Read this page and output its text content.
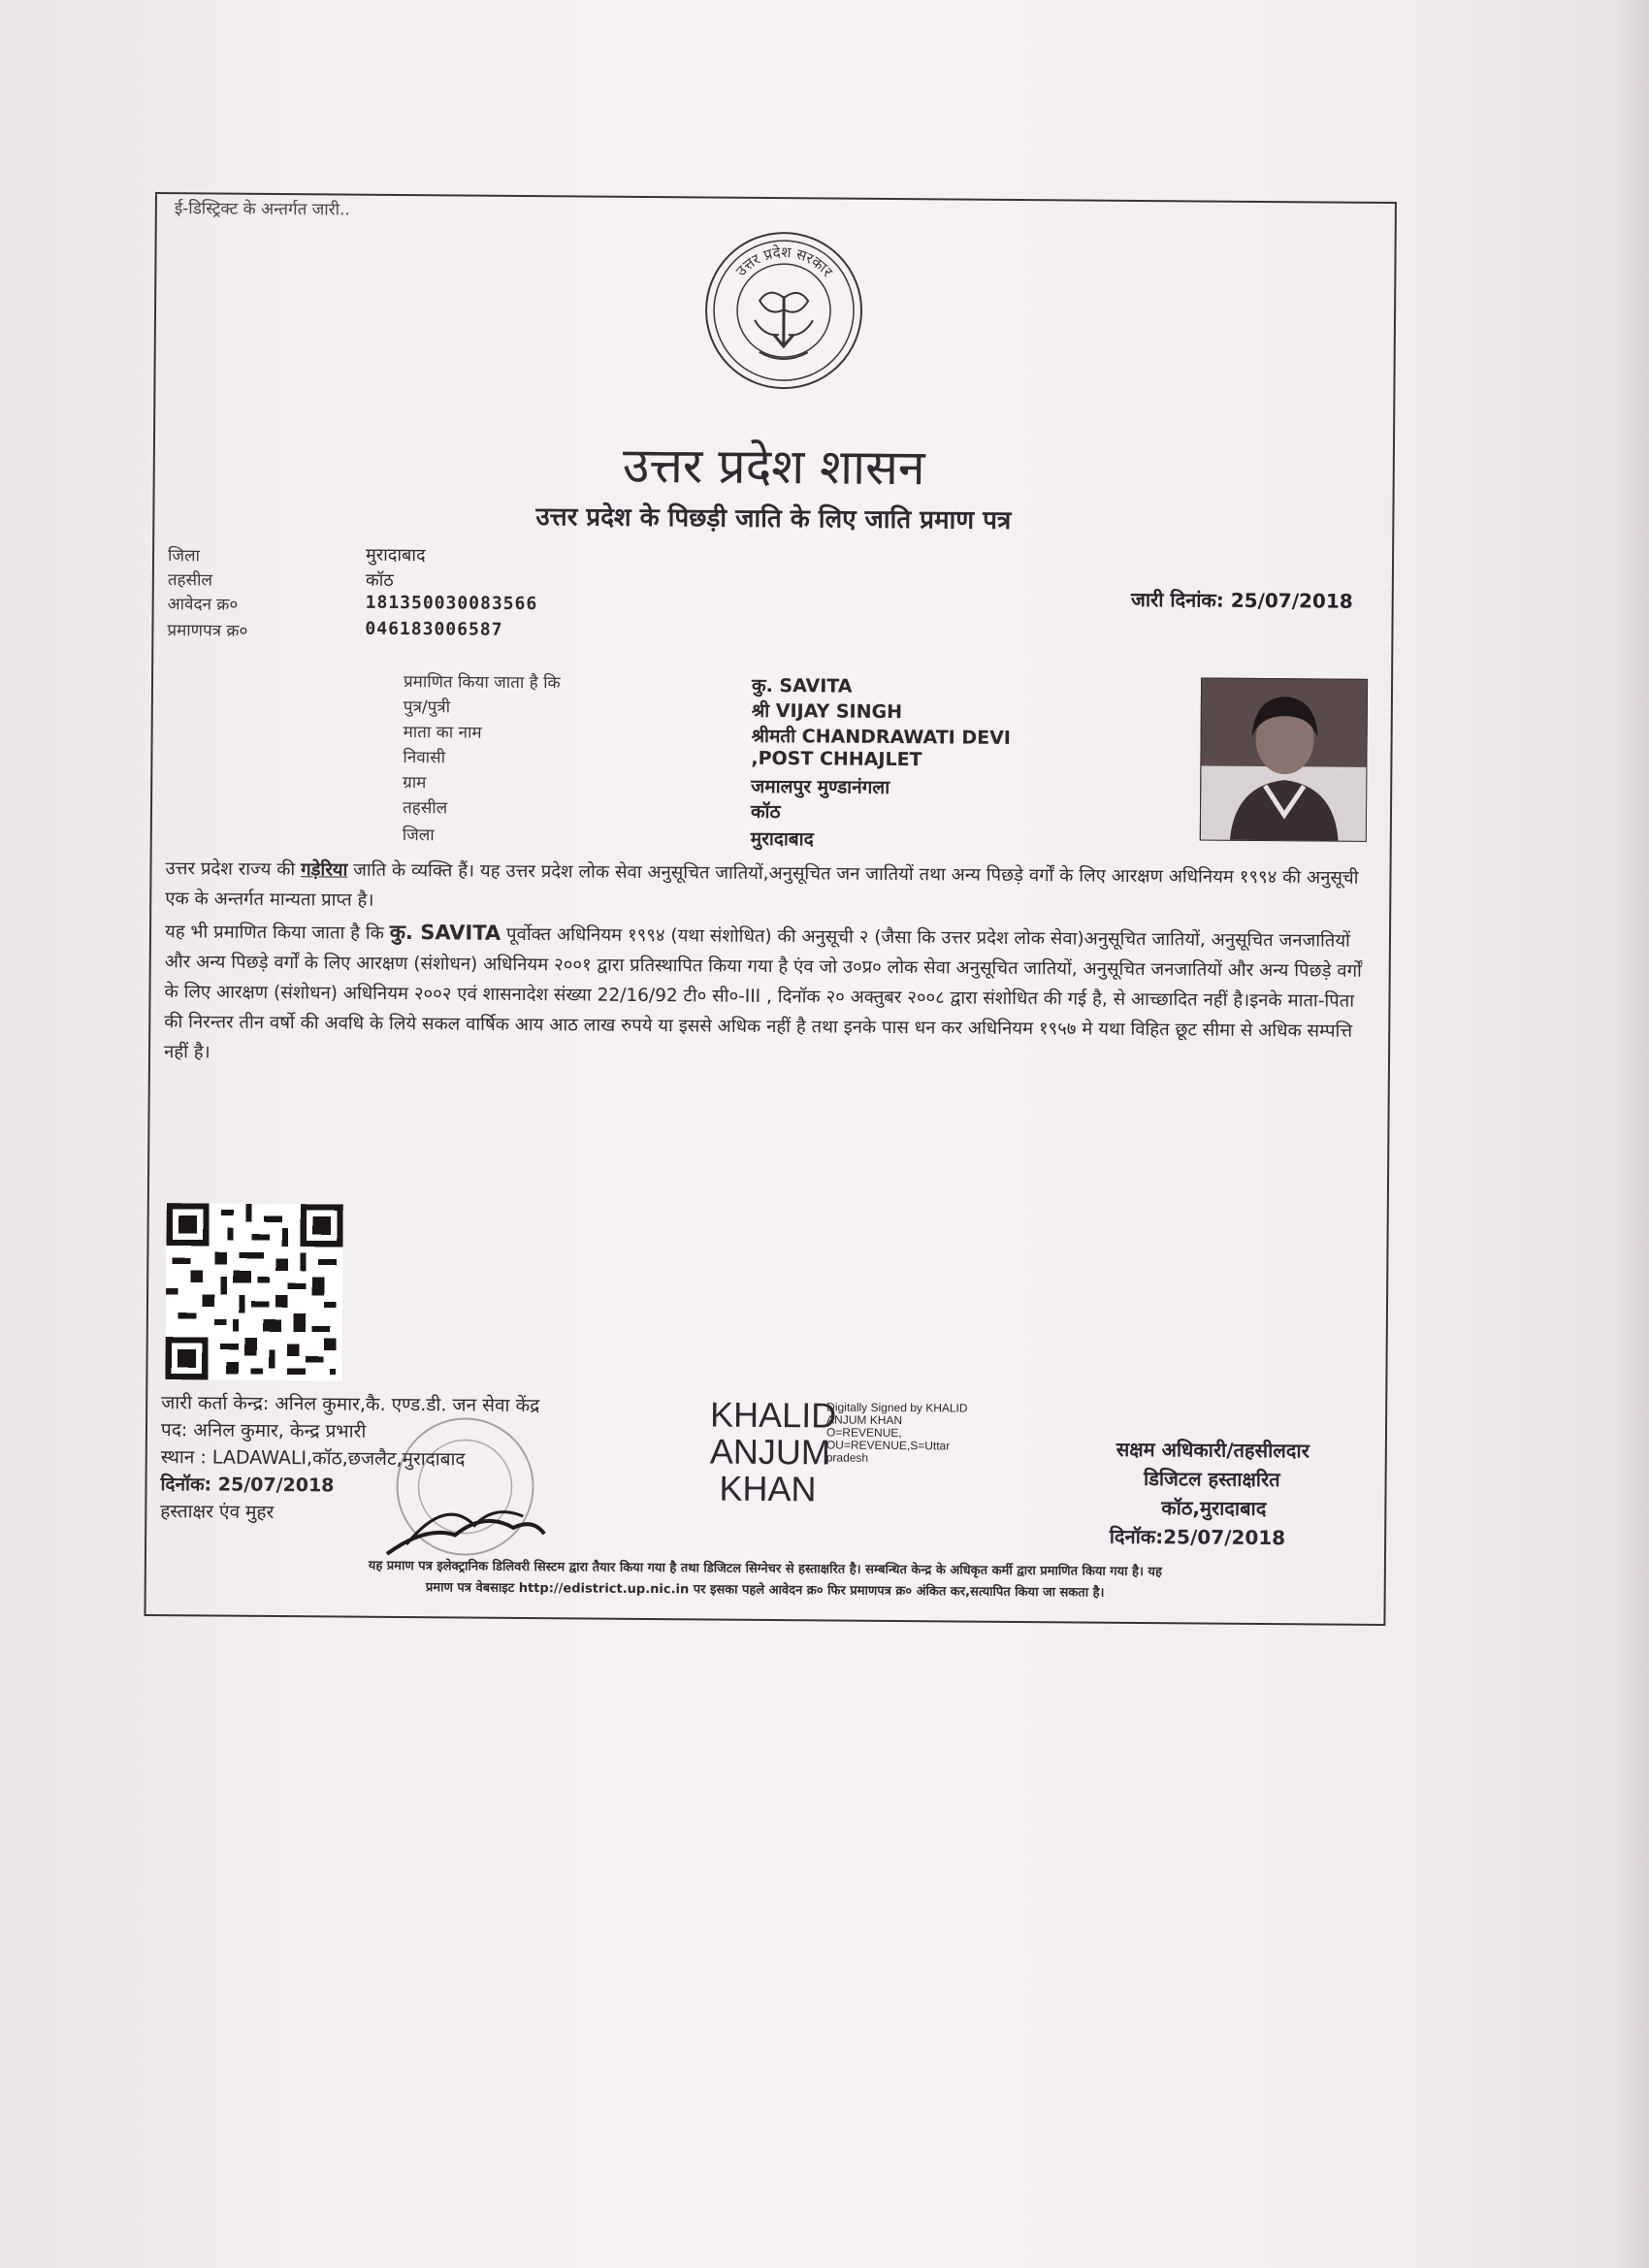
ई-डिस्ट्रिक्ट के अन्तर्गत जारी..
उत्तर प्रदेश सरकार
उत्तर प्रदेश शासन
उत्तर प्रदेश के पिछड़ी जाति के लिए जाति प्रमाण पत्र
जिला	मुरादाबाद
तहसील	कॉठ
आवेदन क्र०	181350030083566
प्रमाणपत्र क्र०	046183006587
जारी दिनांक: 25/07/2018
प्रमाणित किया जाता है कि	कु. SAVITA
पुत्र/पुत्री	श्री VIJAY SINGH
माता का नाम	श्रीमती CHANDRAWATI DEVI
निवासी	,POST CHHAJLET
ग्राम	जमालपुर मुण्डानंगला
तहसील	कॉठ
जिला	मुरादाबाद
उत्तर प्रदेश राज्य की गड़ेरिया जाति के व्यक्ति हैं। यह उत्तर प्रदेश लोक सेवा अनुसूचित जातियों,अनुसूचित जन जातियों तथा अन्य पिछड़े वर्गों के लिए आरक्षण अधिनियम १९९४ की अनुसूची एक के अन्तर्गत मान्यता प्राप्त है।
यह भी प्रमाणित किया जाता है कि कु. SAVITA पूर्वोक्त अधिनियम १९९४ (यथा संशोधित) की अनुसूची २ (जैसा कि उत्तर प्रदेश लोक सेवा)अनुसूचित जातियों, अनुसूचित जनजातियों और अन्य पिछड़े वर्गों के लिए आरक्षण (संशोधन) अधिनियम २००१ द्वारा प्रतिस्थापित किया गया है एंव जो उ०प्र० लोक सेवा अनुसूचित जातियों, अनुसूचित जनजातियों और अन्य पिछड़े वर्गों के लिए आरक्षण (संशोधन) अधिनियम २००२ एवं शासनादेश संख्या 22/16/92 टी० सी०-III , दिनॉक २० अक्तुबर २००८ द्वारा संशोधित की गई है, से आच्छादित नहीं है।इनके माता-पिता की निरन्तर तीन वर्षो की अवधि के लिये सकल वार्षिक आय आठ लाख रुपये या इससे अधिक नहीं है तथा इनके पास धन कर अधिनियम १९५७ मे यथा विहित छूट सीमा से अधिक सम्पत्ति नहीं है।
जारी कर्ता केन्द्र: अनिल कुमार,कै. एण्ड.डी. जन सेवा केंद्र
पद: अनिल कुमार, केन्द्र प्रभारी
स्थान : LADAWALI,कॉठ,छजलैट,मुरादाबाद
दिनॉक: 25/07/2018
हस्ताक्षर एंव मुहर
KHALID
ANJUM
KHAN
Digitally Signed by KHALID
ANJUM KHAN
O=REVENUE,
OU=REVENUE,S=Uttar
pradesh	सक्षम अधिकारी/तहसीलदार
डिजिटल हस्ताक्षरित
कॉठ,मुरादाबाद
दिनॉक:25/07/2018
यह प्रमाण पत्र इलेक्ट्रानिक डिलिवरी सिस्टम द्वारा तैयार किया गया है तथा डिजिटल सिग्नेचर से हस्ताक्षरित है। सम्बन्धित केन्द्र के अधिकृत कर्मी द्वारा प्रमाणित किया गया है। यह
प्रमाण पत्र वेबसाइट http://edistrict.up.nic.in पर इसका पहले आवेदन क्र० फिर प्रमाणपत्र क्र० अंकित कर,सत्यापित किया जा सकता है।
